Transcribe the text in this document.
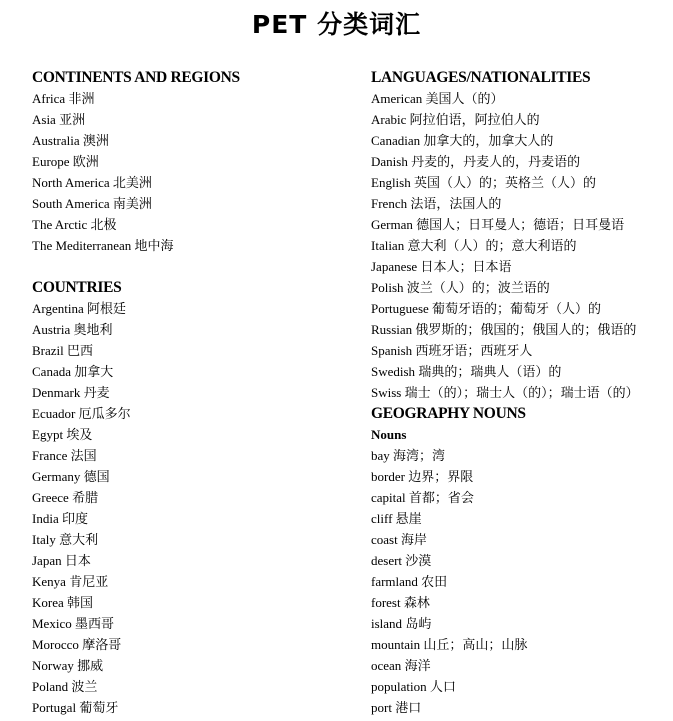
PET 分类词汇
CONTINENTS AND REGIONS
Africa 非洲
Asia 亚洲
Australia 澳洲
Europe 欧洲
North America 北美洲
South America 南美洲
The Arctic 北极
The Mediterranean 地中海
COUNTRIES
Argentina 阿根廷
Austria 奥地利
Brazil 巴西
Canada 加拿大
Denmark 丹麦
Ecuador 厄瓜多尔
Egypt 埃及
France 法国
Germany 德国
Greece 希腊
India 印度
Italy 意大利
Japan 日本
Kenya 肯尼亚
Korea 韩国
Mexico 墨西哥
Morocco 摩洛哥
Norway 挪威
Poland 波兰
Portugal 葡萄牙
LANGUAGES/NATIONALITIES
American 美国人（的）
Arabic 阿拉伯语，阿拉伯人的
Canadian 加拿大的，加拿大人的
Danish 丹麦的，丹麦人的，丹麦语的
English 英国（人）的；英格兰（人）的
French 法语，法国人的
German 德国人；日耳曼人；德语；日耳曼语
Italian 意大利（人）的；意大利语的
Japanese 日本人；日本语
Polish 波兰（人）的；波兰语的
Portuguese 葡萄牙语的；葡萄牙（人）的
Russian 俄罗斯的；俄国的；俄国人的；俄语的
Spanish 西班牙语；西班牙人
Swedish 瑞典的；瑞典人（语）的
Swiss 瑞士（的）；瑞士人（的）；瑞士语（的）
GEOGRAPHY NOUNS
Nouns
bay 海湾；湾
border 边界；界限
capital 首都；省会
cliff 悬崖
coast 海岸
desert 沙漠
farmland 农田
forest 森林
island 岛屿
mountain 山丘；高山；山脉
ocean 海洋
population 人口
port 港口
